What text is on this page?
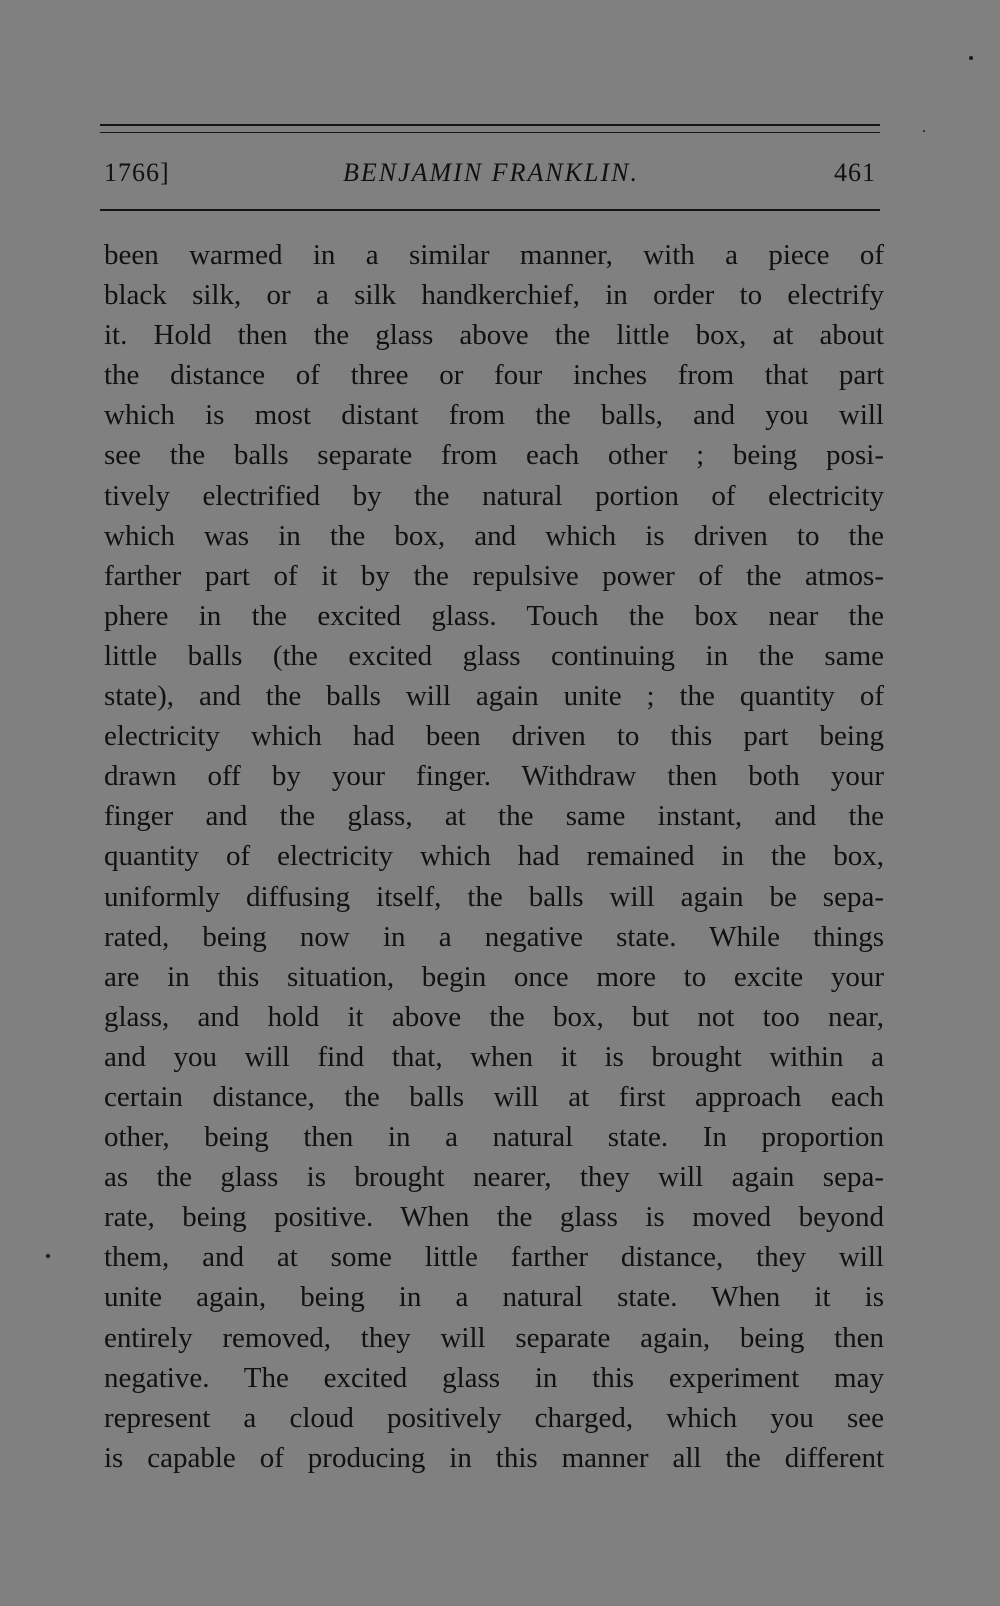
1766]	BENJAMIN FRANKLIN.	461
been warmed in a similar manner, with a piece of
black silk, or a silk handkerchief, in order to electrify
it. Hold then the glass above the little box, at about
the distance of three or four inches from that part
which is most distant from the balls, and you will
see the balls separate from each other ; being posi-
tively electrified by the natural portion of electricity
which was in the box, and which is driven to the
farther part of it by the repulsive power of the atmos-
phere in the excited glass. Touch the box near the
little balls (the excited glass continuing in the same
state), and the balls will again unite ; the quantity of
electricity which had been driven to this part being
drawn off by your finger. Withdraw then both your
finger and the glass, at the same instant, and the
quantity of electricity which had remained in the box,
uniformly diffusing itself, the balls will again be sepa-
rated, being now in a negative state. While things
are in this situation, begin once more to excite your
glass, and hold it above the box, but not too near,
and you will find that, when it is brought within a
certain distance, the balls will at first approach each
other, being then in a natural state. In proportion
as the glass is brought nearer, they will again sepa-
rate, being positive. When the glass is moved beyond
them, and at some little farther distance, they will
unite again, being in a natural state. When it is
entirely removed, they will separate again, being then
negative. The excited glass in this experiment may
represent a cloud positively charged, which you see
is capable of producing in this manner all the different
